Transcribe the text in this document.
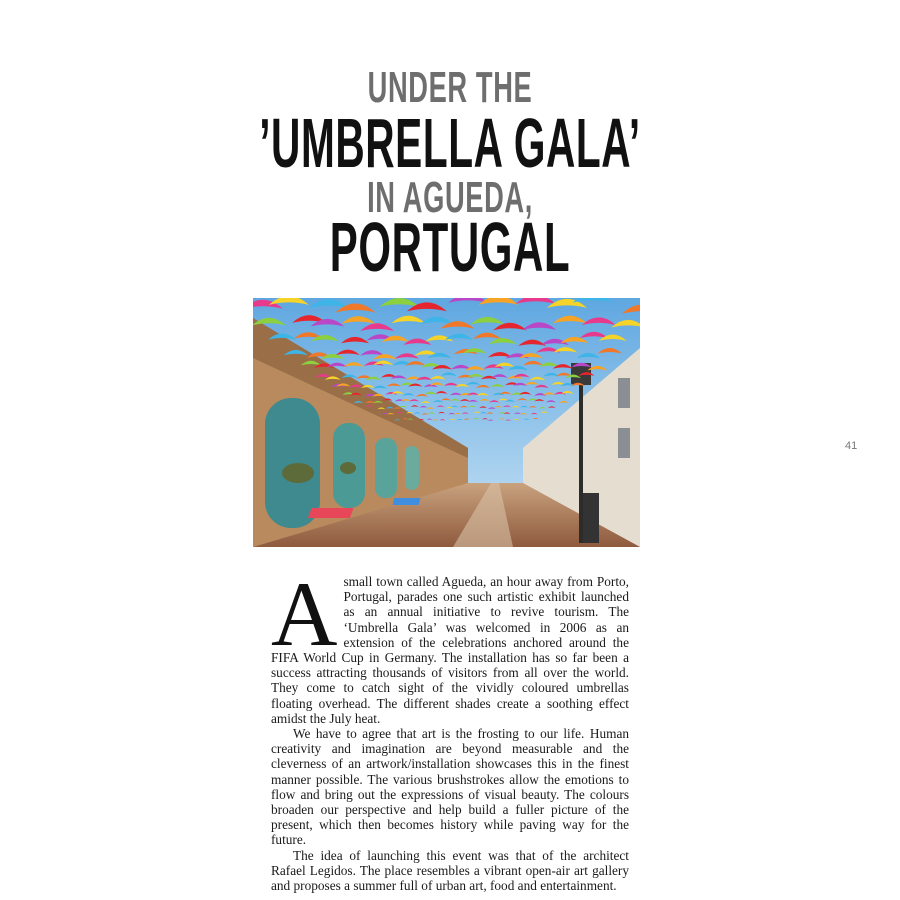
UNDER THE
’UMBRELLA GALA’
IN AGUEDA,
PORTUGAL
41

Asmall town called Agueda, an hour away from Porto, Portugal, parades one such artistic exhibit launched as an annual initiative to revive tourism. The ‘Umbrella Gala’ was welcomed in 2006 as an extension of the celebrations anchored around the FIFA World Cup in Germany. The installation has so far been a success attracting thousands of visitors from all over the world. They come to catch sight of the vividly coloured umbrellas floating overhead. The different shades create a soothing effect amidst the July heat.

We have to agree that art is the frosting to our life. Human creativity and imagination are beyond measurable and the cleverness of an artwork/installation showcases this in the finest manner possible. The various brushstrokes allow the emotions to flow and bring out the expressions of visual beauty. The colours broaden our perspective and help build a fuller picture of the present, which then becomes history while paving way for the future.

The idea of launching this event was that of the architect Rafael Legidos. The place resembles a vibrant open-air art gallery and proposes a summer full of urban art, food and entertainment.
